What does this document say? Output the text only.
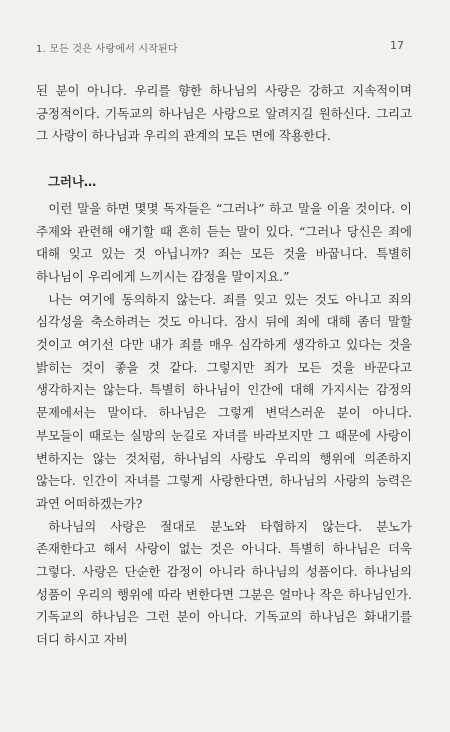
1. 모든 것은 사랑에서 시작된다	17

된 분이 아니다. 우리를 향한 하나님의 사랑은 강하고 지속적이며 긍정적이다. 기독교의 하나님은 사랑으로 알려지길 원하신다. 그리고 그 사랑이 하나님과 우리의 관계의 모든 면에 작용한다.

그러나…

이런 말을 하면 몇몇 독자들은 “그러나” 하고 말을 이을 것이다. 이 주제와 관련해 얘기할 때 흔히 듣는 말이 있다. “그러나 당신은 죄에 대해 잊고 있는 것 아닙니까? 죄는 모든 것을 바꿉니다. 특별히 하나님이 우리에게 느끼시는 감정을 말이지요.”

나는 여기에 동의하지 않는다. 죄를 잊고 있는 것도 아니고 죄의 심각성을 축소하려는 것도 아니다. 잠시 뒤에 죄에 대해 좀더 말할 것이고 여기선 다만 내가 죄를 매우 심각하게 생각하고 있다는 것을 밝히는 것이 좋을 것 같다. 그렇지만 죄가 모든 것을 바꾼다고 생각하지는 않는다. 특별히 하나님이 인간에 대해 가지시는 감정의 문제에서는 말이다. 하나님은 그렇게 변덕스러운 분이 아니다. 부모들이 때로는 실망의 눈길로 자녀를 바라보지만 그 때문에 사랑이 변하지는 않는 것처럼, 하나님의 사랑도 우리의 행위에 의존하지 않는다. 인간이 자녀를 그렇게 사랑한다면, 하나님의 사랑의 능력은 과연 어떠하겠는가?

하나님의 사랑은 절대로 분노와 타협하지 않는다. 분노가 존재한다고 해서 사랑이 없는 것은 아니다. 특별히 하나님은 더욱 그렇다. 사랑은 단순한 감정이 아니라 하나님의 성품이다. 하나님의 성품이 우리의 행위에 따라 변한다면 그분은 얼마나 작은 하나님인가. 기독교의 하나님은 그런 분이 아니다. 기독교의 하나님은 화내기를 더디 하시고 자비
